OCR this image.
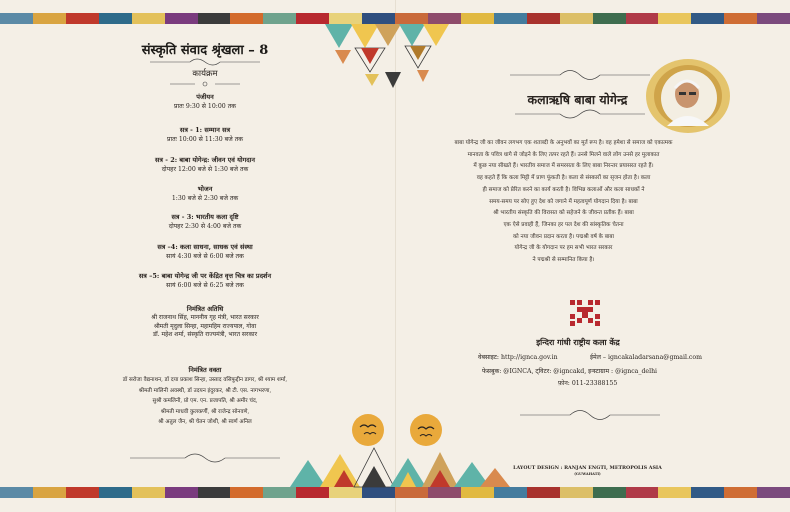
संस्कृति संवाद श्रृंखला – 8
कार्यक्रम
पंजीयन
प्रातः 9:30 से 10:00 तक
सत्र - 1: सम्मान सत्र
प्रातः 10:00 से 11:30 बजे तक
सत्र - 2: बाबा योगेन्द्र: जीवन एवं योगदान
दोपहर 12:00 बजे से 1:30 बजे तक
भोजन
1:30 बजे से 2:30 बजे तक
सत्र - 3: भारतीय कला दृष्टि
दोपहर 2:30 से 4:00 बजे तक
सत्र –4: कला साधना, साधक एवं संस्था
सायं 4:30 बजे से 6:00 बजे तक
सत्र –5: बाबा योगेन्द्र जी पर केंद्रित वृत्त चित्र का प्रदर्शन
सायं 6:00 बजे से 6:25 बजे तक
निमंत्रित अतिथि
श्री राजनाथ सिंह, माननीय गृह मंत्री, भारत सरकार
श्रीमती मृदुला सिन्हा, महामहिम राज्यपाल, गोवा
डॉ. महेश शर्मा, संस्कृति राज्यमंत्री, भारत सरकार
निमंत्रित वक्ता
डॉ सरोजा वैद्यनाथन, डॉ दया प्रकाश सिन्हा, उस्ताद वसिफुद्दीन डागर, श्री श्याम शर्मा,
श्रीमती मालिनी अवस्थी, डॉ उदयन इंदुरकर, श्री टी. एस. नागभरणा,
सुश्री कमलिनी, प्रो एम. एन. प्रजापति, श्री अमीर चंद,
श्रीमती माधवी कुलकर्णी, श्री राजेन्द्र सोनवणे,
श्री अतुल जैन, श्री चेतन जोशी, श्री स्वर्ण अनिल
कलाऋषि बाबा योगेन्द्र
बाबा योगेन्द्र जी का जीवन लगभग एक शताब्दी के अनुभवों का मूर्त रूप है। वह हमेशा से समाज को एकात्मक
मानवता के पवित्र धागे से जोड़ने के लिए तत्पर रहते हैं। उनसे मिलने वाले लोग उनसे हर मुलाकात
में कुछ नया सीखते हैं। भारतीय समाज में समरसता के लिए बाबा निरन्तर प्रयासरत रहते हैं।
वह कहते हैं कि कला मिट्टी में प्राण फूंकती है। कला से संस्कारों का सृजन होता है। कला
ही समाज को प्रेरित करने का कार्य करती है। विभिन्न कलाओं और कला साधकों ने
समय-समय पर सोए हुए देश को जगाने में महत्वपूर्ण योगदान दिया है। बाबा
श्री भारतीय संस्कृति की विरासत को सहेजने के जीवन्त प्रतीक हैं। बाबा
एक ऐसे प्रवाही हैं, जिनका हर पल देश की सांस्कृतिक चेतना
को नया जीवन प्रदान करता है। पद्मश्री वर्ष के बाबा
योगेन्द्र जी के योगदान पर हम सभी भारत सरकार
ने पद्मश्री से सम्मानित किया है।
इन्दिरा गांधी राष्ट्रीय कला केंद्र
वेबसाइट: http://ignca.gov.in	ईमेल – igncakaladarsana@gmail.com
फेसबुक: @IGNCA, ट्विटर: @igncakd, इन्स्टाग्राम : @ignca_delhi
फ़ोन: 011-23388155
LAYOUT DESIGN : RANJAN ENGTI, METROPOLIS ASIA
(GUWAHATI)
